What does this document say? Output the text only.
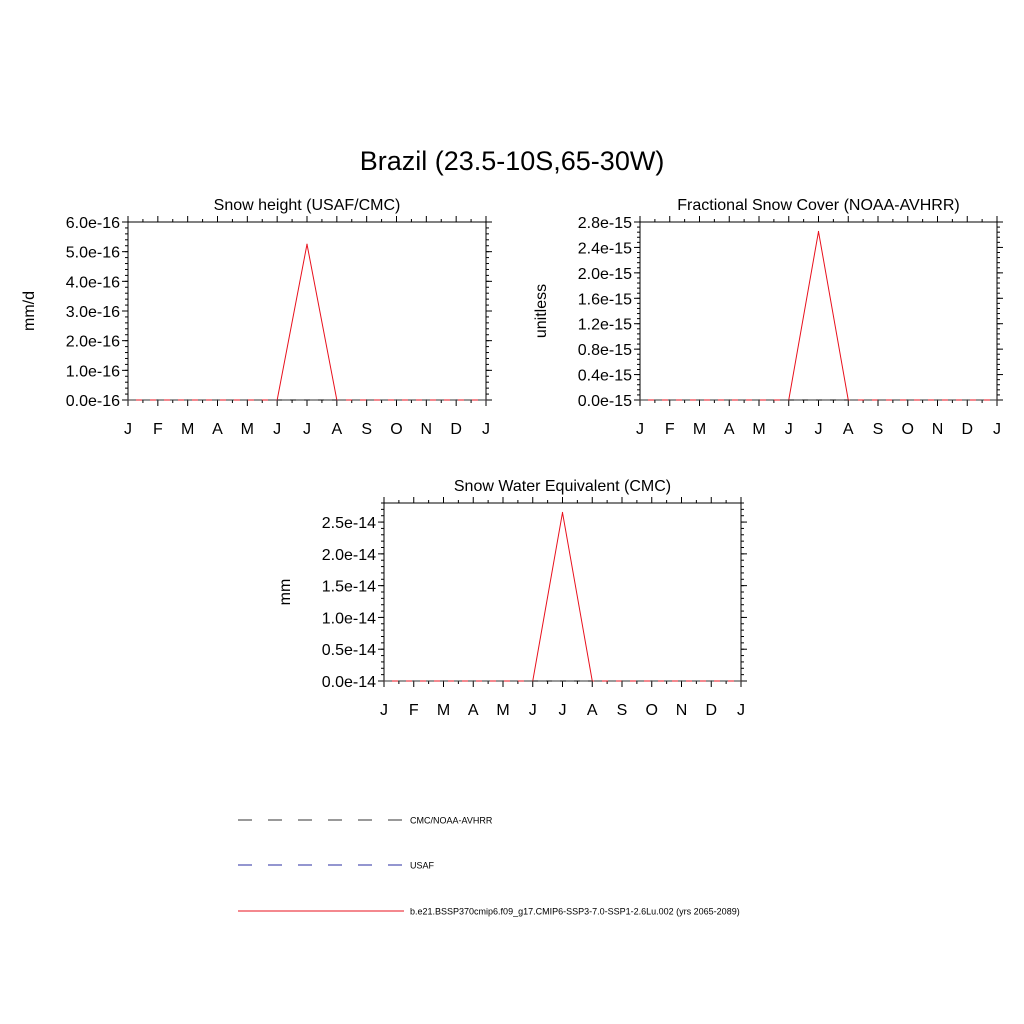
Brazil (23.5-10S,65-30W)
Snow height (USAF/CMC)
mm/d
J F M A M J J A S O N D J
0.0e-16
1.0e-16
2.0e-16
3.0e-16
4.0e-16
5.0e-16
6.0e-16
Fractional Snow Cover (NOAA-AVHRR)
unitless
J F M A M J J A S O N D J
0.0e-15
0.4e-15
0.8e-15
1.2e-15
1.6e-15
2.0e-15
2.4e-15
2.8e-15
Snow Water Equivalent (CMC)
mm
J F M A M J J A S O N D J
0.0e-14
0.5e-14
1.0e-14
1.5e-14
2.0e-14
2.5e-14
CMC/NOAA-AVHRR
USAF
b.e21.BSSP370cmip6.f09_g17.CMIP6-SSP3-7.0-SSP1-2.6Lu.002 (yrs 2065-2089)
